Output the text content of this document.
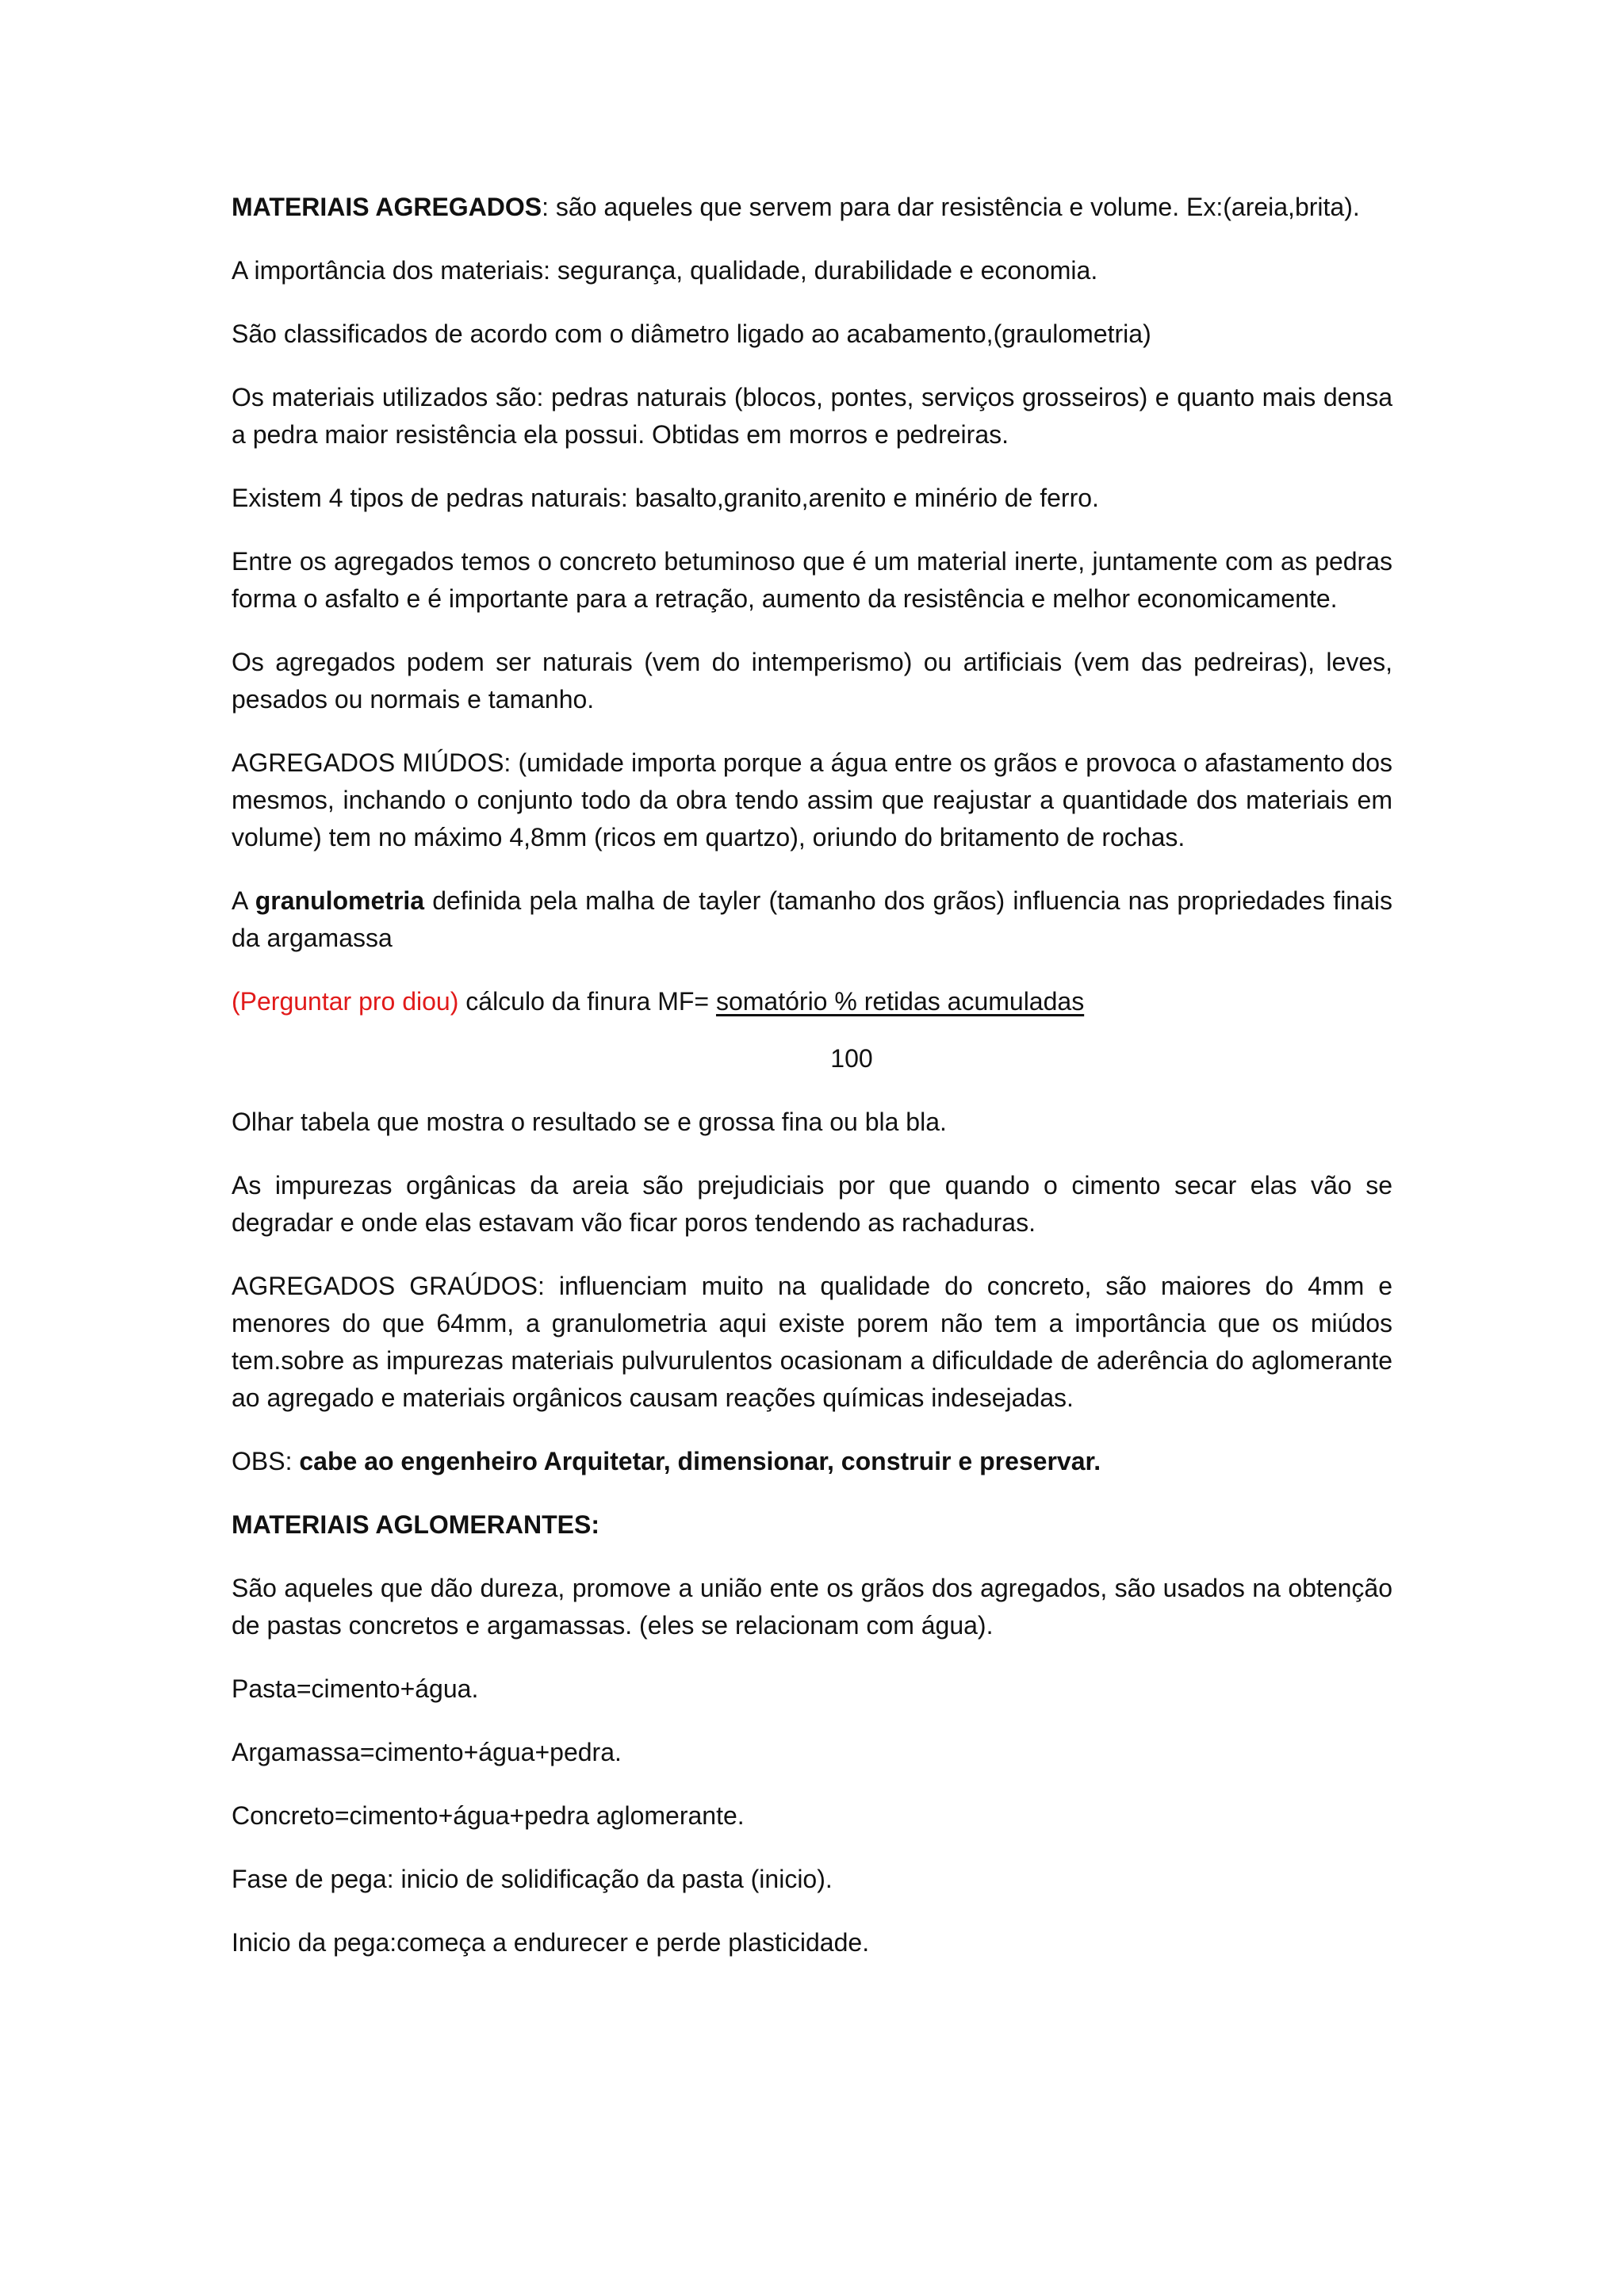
MATERIAIS AGREGADOS: são aqueles que servem para dar resistência e volume. Ex:(areia,brita).

A importância dos materiais: segurança, qualidade, durabilidade e economia.

São classificados de acordo com o diâmetro ligado ao acabamento,(graulometria)

Os materiais utilizados são: pedras naturais (blocos, pontes, serviços grosseiros) e quanto mais densa a pedra maior resistência ela possui. Obtidas em morros e pedreiras.

Existem 4 tipos de pedras naturais: basalto,granito,arenito e minério de ferro.

Entre os agregados temos o concreto betuminoso que é um material inerte, juntamente com as pedras forma o asfalto e é importante para a retração, aumento da resistência e melhor economicamente.

Os agregados podem ser naturais (vem do intemperismo) ou artificiais (vem das pedreiras), leves, pesados ou normais e tamanho.

AGREGADOS MIÚDOS: (umidade importa porque a água entre os grãos e provoca o afastamento dos mesmos, inchando o conjunto todo da obra tendo assim que reajustar a quantidade dos materiais em volume) tem no máximo 4,8mm (ricos em quartzo), oriundo do britamento de rochas.

A granulometria definida pela malha de tayler (tamanho dos grãos) influencia nas propriedades finais da argamassa

(Perguntar pro diou) cálculo da finura MF= somatório % retidas acumuladas

100

Olhar tabela que mostra o resultado se e grossa fina ou bla bla.

As impurezas orgânicas da areia são prejudiciais por que quando o cimento secar elas vão se degradar e onde elas estavam vão ficar poros tendendo as rachaduras.

AGREGADOS GRAÚDOS: influenciam muito na qualidade do concreto, são maiores do 4mm e menores do que 64mm, a granulometria aqui existe porem não tem a importância que os miúdos tem.sobre as impurezas materiais pulvurulentos ocasionam a dificuldade de aderência do aglomerante ao agregado e materiais orgânicos causam reações químicas indesejadas.

OBS: cabe ao engenheiro Arquitetar, dimensionar, construir e preservar.

MATERIAIS AGLOMERANTES:

São aqueles que dão dureza, promove a união ente os grãos dos agregados, são usados na obtenção de pastas concretos e argamassas. (eles se relacionam com água).

Pasta=cimento+água.

Argamassa=cimento+água+pedra.

Concreto=cimento+água+pedra aglomerante.

Fase de pega: inicio de solidificação da pasta (inicio).

Inicio da pega:começa a endurecer e perde plasticidade.
